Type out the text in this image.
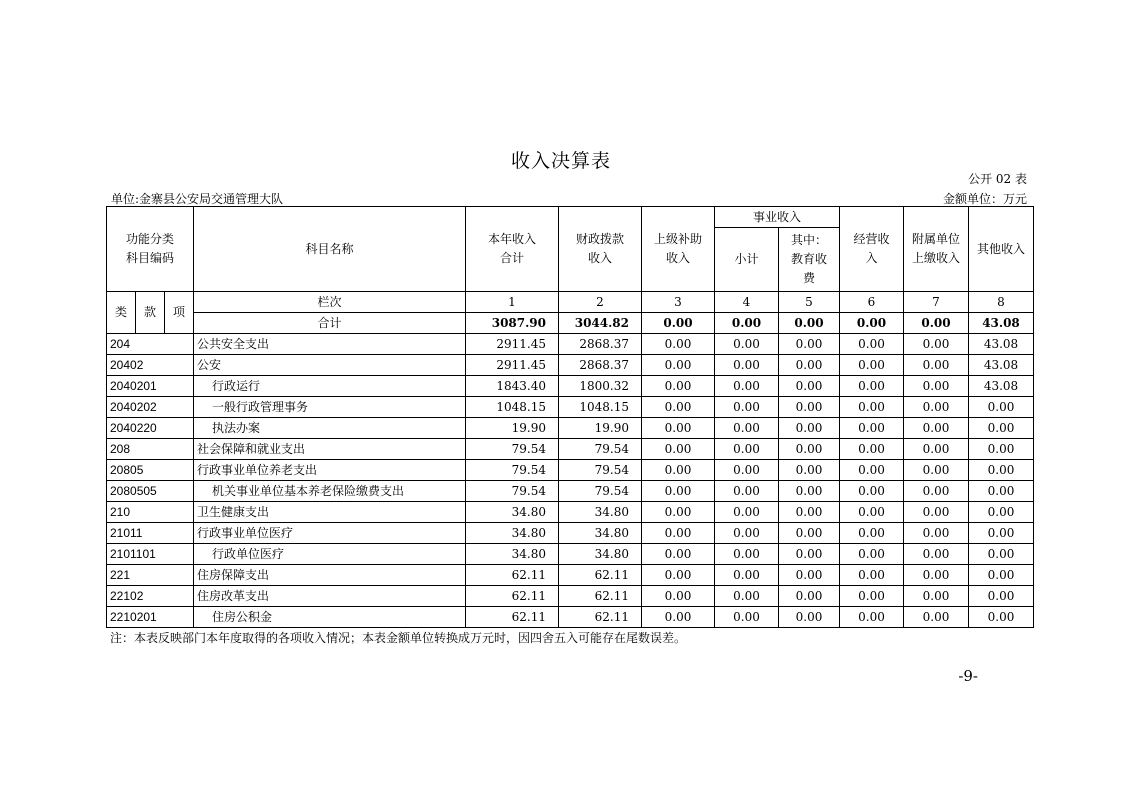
收入决算表
公开 02 表
单位:金寨县公安局交通管理大队	金额单位：万元
功能分类科目编码			科目名称	本年收入合计	财政拨款收入	上级补助收入	事业收入		经营收入	附属单位上缴收入	其他收入
							小计	其中：教育收费			

类	款	项	栏次	1	2	3	4	5	6	7	8
			合计	3087.90	3044.82	0.00	0.00	0.00	0.00	0.00	43.08
204			公共安全支出	2911.45	2868.37	0.00	0.00	0.00	0.00	0.00	43.08
20402			公安	2911.45	2868.37	0.00	0.00	0.00	0.00	0.00	43.08
2040201			行政运行	1843.40	1800.32	0.00	0.00	0.00	0.00	0.00	43.08
2040202			一般行政管理事务	1048.15	1048.15	0.00	0.00	0.00	0.00	0.00	0.00
2040220			执法办案	19.90	19.90	0.00	0.00	0.00	0.00	0.00	0.00
208			社会保障和就业支出	79.54	79.54	0.00	0.00	0.00	0.00	0.00	0.00
20805			行政事业单位养老支出	79.54	79.54	0.00	0.00	0.00	0.00	0.00	0.00
2080505			机关事业单位基本养老保险缴费支出	79.54	79.54	0.00	0.00	0.00	0.00	0.00	0.00
210			卫生健康支出	34.80	34.80	0.00	0.00	0.00	0.00	0.00	0.00
21011			行政事业单位医疗	34.80	34.80	0.00	0.00	0.00	0.00	0.00	0.00
2101101			行政单位医疗	34.80	34.80	0.00	0.00	0.00	0.00	0.00	0.00
221			住房保障支出	62.11	62.11	0.00	0.00	0.00	0.00	0.00	0.00
22102			住房改革支出	62.11	62.11	0.00	0.00	0.00	0.00	0.00	0.00
2210201			住房公积金	62.11	62.11	0.00	0.00	0.00	0.00	0.00	0.00
注：本表反映部门本年度取得的各项收入情况；本表金额单位转换成万元时，因四舍五入可能存在尾数误差。
-9-
